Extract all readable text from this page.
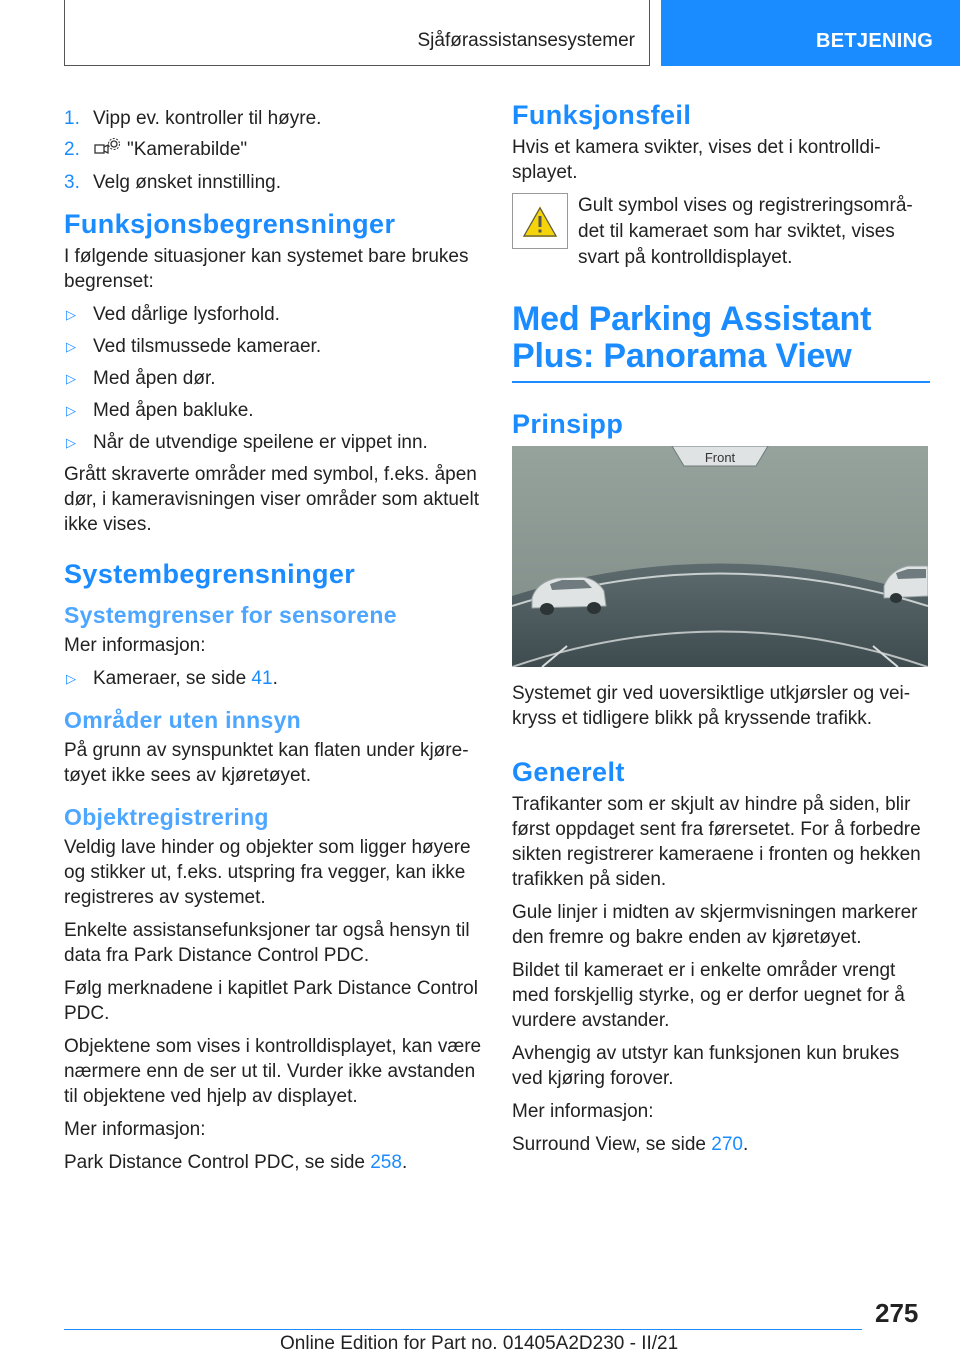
Sjåførassistansesystemer	BETJENING
1. Vipp ev. kontroller til høyre.
2.	"Kamerabilde"
3. Velg ønsket innstilling.
Funksjonsbegrensninger

I følgende situasjoner kan systemet bare brukes begrenset:

▷ Ved dårlige lysforhold.
▷ Ved tilsmussede kameraer.
▷ Med åpen dør.
▷ Med åpen bakluke.
▷ Når de utvendige speilene er vippet inn.

Grått skraverte områder med symbol, f.eks. åpen dør, i kameravisningen viser områder som aktuelt ikke vises.

Systembegrensninger
Systemgrenser for sensorene

Mer informasjon:

▷ Kameraer, se side 41.
Områder uten innsyn

På grunn av synspunktet kan flaten under kjøretøyet ikke sees av kjøretøyet.

Objektregistrering

Veldig lave hinder og objekter som ligger høyere og stikker ut, f.eks. utspring fra vegger, kan ikke registreres av systemet.

Enkelte assistansefunksjoner tar også hensyn til data fra Park Distance Control PDC.

Følg merknadene i kapitlet Park Distance Control PDC.

Objektene som vises i kontrolldisplayet, kan være nærmere enn de ser ut til. Vurder ikke avstanden til objektene ved hjelp av displayet.

Mer informasjon:

Park Distance Control PDC, se side 258.

Funksjonsfeil

Hvis et kamera svikter, vises det i kontrolldisplayet.

Gult symbol vises og registreringsområdet til kameraet som har sviktet, vises svart på kontrolldisplayet.
Med Parking Assistant
Plus: Panorama View
Prinsipp
Front

Systemet gir ved uoversiktlige utkjørsler og veikryss et tidligere blikk på kryssende trafikk.

Generelt

Trafikanter som er skjult av hindre på siden, blir først oppdaget sent fra førersetet. For å forbedre sikten registrerer kameraene i fronten og hekken trafikken på siden.

Gule linjer i midten av skjermvisningen markerer den fremre og bakre enden av kjøretøyet.

Bildet til kameraet er i enkelte områder vrengt med forskjellig styrke, og er derfor uegnet for å vurdere avstander.

Avhengig av utstyr kan funksjonen kun brukes ved kjøring forover.

Mer informasjon:

Surround View, se side 270.

275
Online Edition for Part no. 01405A2D230 - II/21
